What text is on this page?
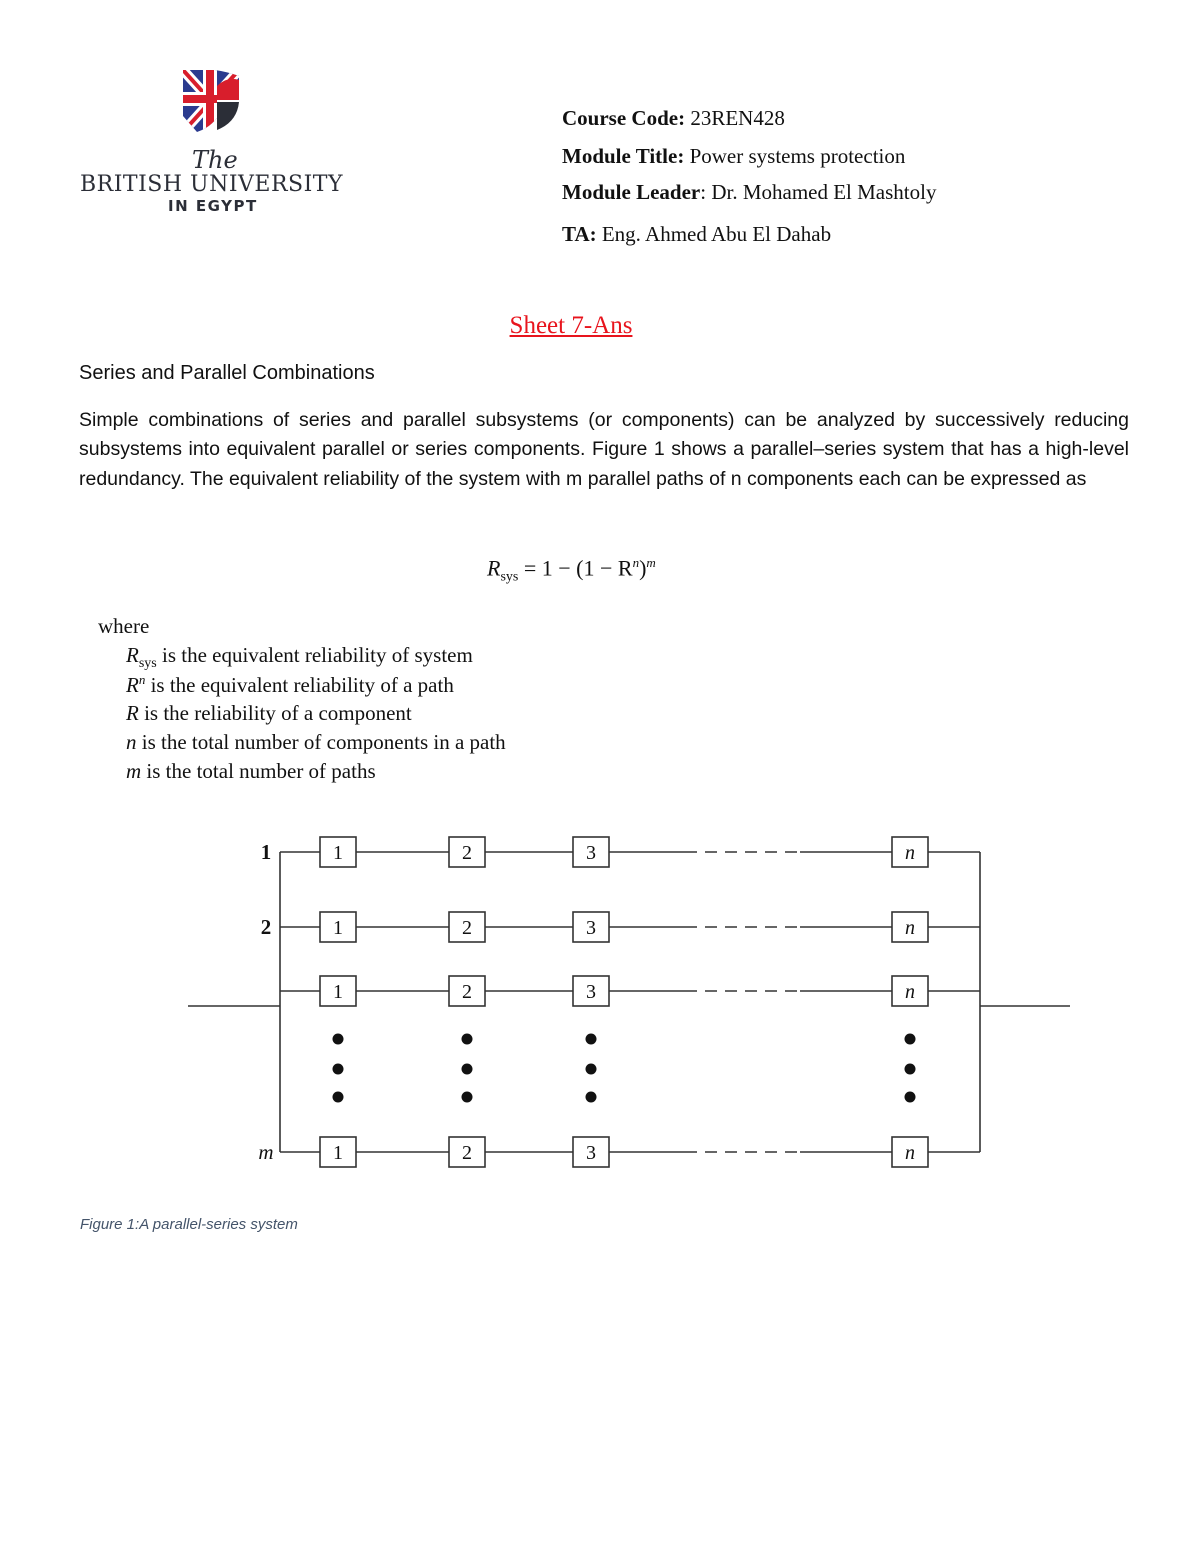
The
BRITISH UNIVERSITY
IN EGYPT
Course Code: 23REN428
Module Title: Power systems protection
Module Leader: Dr. Mohamed El Mashtoly
TA: Eng. Ahmed Abu El Dahab
Sheet 7-Ans
Series and Parallel Combinations
Simple combinations of series and parallel subsystems (or components) can be analyzed by successively reducing subsystems into equivalent parallel or series components. Figure 1 shows a parallel–series system that has a high-level redundancy. The equivalent reliability of the system with m parallel paths of n components each can be expressed as
$R_{sys} = 1 - (1 - R^n)^m$
where
$R_{sys}$ is the equivalent reliability of system
$R^n$ is the equivalent reliability of a path
R is the reliability of a component
n is the total number of components in a path
m is the total number of paths
1	1	2	3	n
2	1	2	3	n
1	2	3	n
m	1	2	3	n
Figure 1:A parallel-series system
